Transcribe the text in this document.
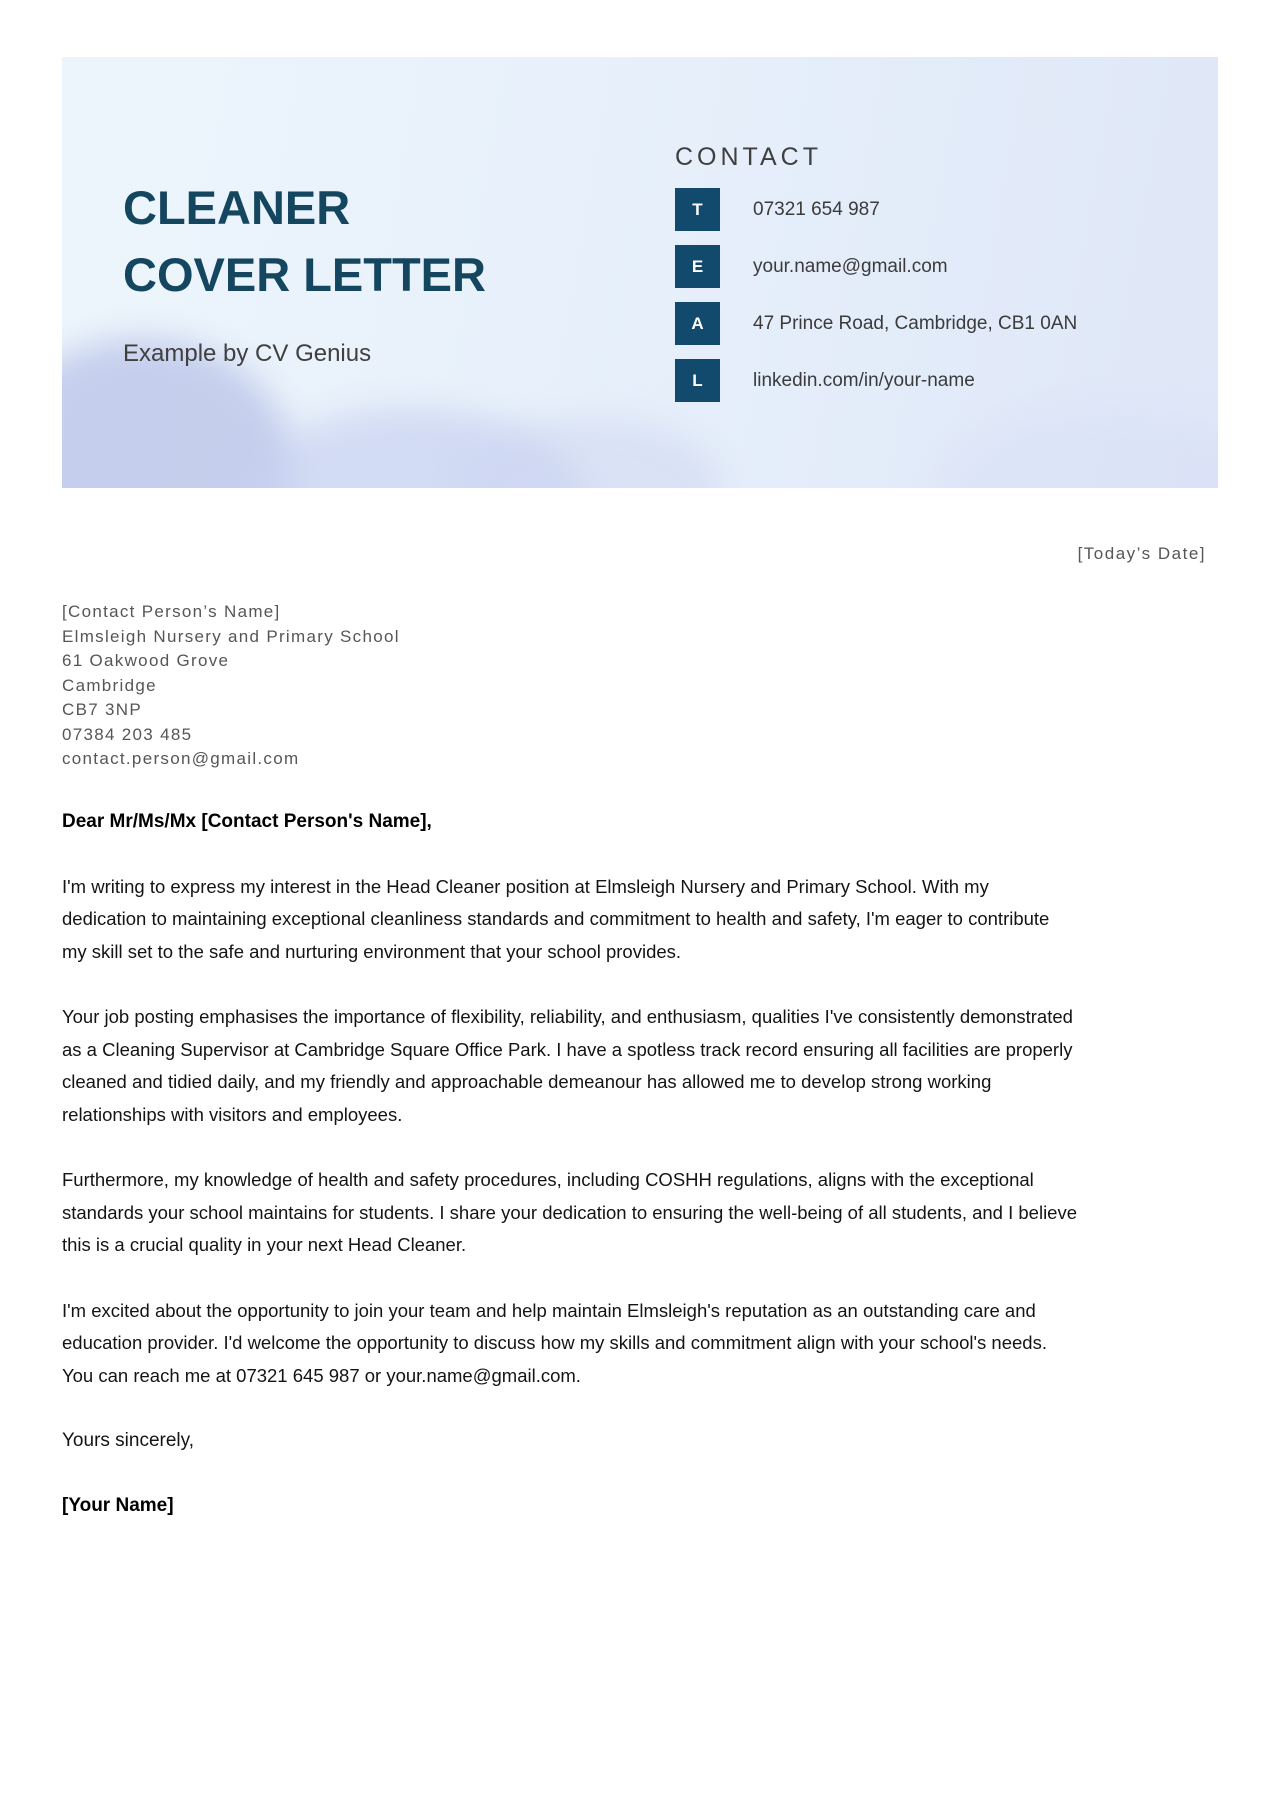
CLEANER
COVER LETTER
Example by CV Genius
CONTACT
T	07321 654 987
E	your.name@gmail.com
A	47 Prince Road, Cambridge, CB1 0AN
L	linkedin.com/in/your-name
[Today’s Date]
[Contact Person’s Name]
Elmsleigh Nursery and Primary School
61 Oakwood Grove
Cambridge
CB7 3NP
07384 203 485
contact.person@gmail.com
Dear Mr/Ms/Mx [Contact Person's Name],

I'm writing to express my interest in the Head Cleaner position at Elmsleigh Nursery and Primary School. With my dedication to maintaining exceptional cleanliness standards and commitment to health and safety, I'm eager to contribute my skill set to the safe and nurturing environment that your school provides.

Your job posting emphasises the importance of flexibility, reliability, and enthusiasm, qualities I've consistently demonstrated as a Cleaning Supervisor at Cambridge Square Office Park. I have a spotless track record ensuring all facilities are properly cleaned and tidied daily, and my friendly and approachable demeanour has allowed me to develop strong working relationships with visitors and employees.

Furthermore, my knowledge of health and safety procedures, including COSHH regulations, aligns with the exceptional standards your school maintains for students. I share your dedication to ensuring the well-being of all students, and I believe this is a crucial quality in your next Head Cleaner.

I'm excited about the opportunity to join your team and help maintain Elmsleigh's reputation as an outstanding care and education provider. I'd welcome the opportunity to discuss how my skills and commitment align with your school's needs. You can reach me at 07321 645 987 or your.name@gmail.com.

Yours sincerely,
[Your Name]
